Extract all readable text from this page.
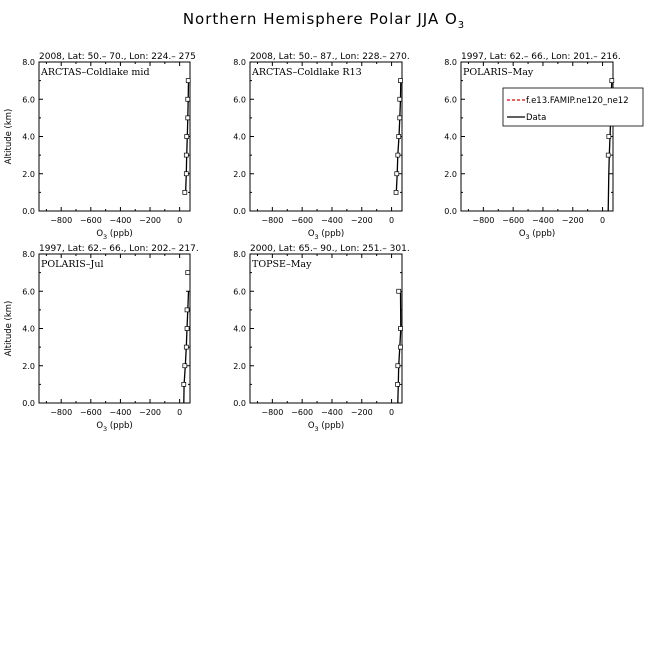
Northern Hemisphere Polar JJA $O_3$
2008, Lat: 50.– 70., Lon: 224.– 275
ARCTAS–Coldlake mid
−800 −600 −400 −200 0
0.0
2.0
4.0
6.0
8.0
$O_3$ (ppb)
Altitude (km)
2008, Lat: 50.– 87., Lon: 228.– 270.
ARCTAS–Coldlake R13
−800 −600 −400 −200 0
0.0
2.0
4.0
6.0
8.0
$O_3$ (ppb)
1997, Lat: 62.– 66., Lon: 201.– 216.
POLARIS–May
−800 −600 −400 −200 0
0.0
2.0
4.0
6.0
8.0
$O_3$ (ppb)
f.e13.FAMIP.ne120_ne12
Data
1997, Lat: 62.– 66., Lon: 202.– 217.
POLARIS–Jul
−800 −600 −400 −200 0
0.0
2.0
4.0
6.0
8.0
$O_3$ (ppb)
Altitude (km)
2000, Lat: 65.– 90., Lon: 251.– 301.
TOPSE–May
−800 −600 −400 −200 0
0.0
2.0
4.0
6.0
8.0
$O_3$ (ppb)
